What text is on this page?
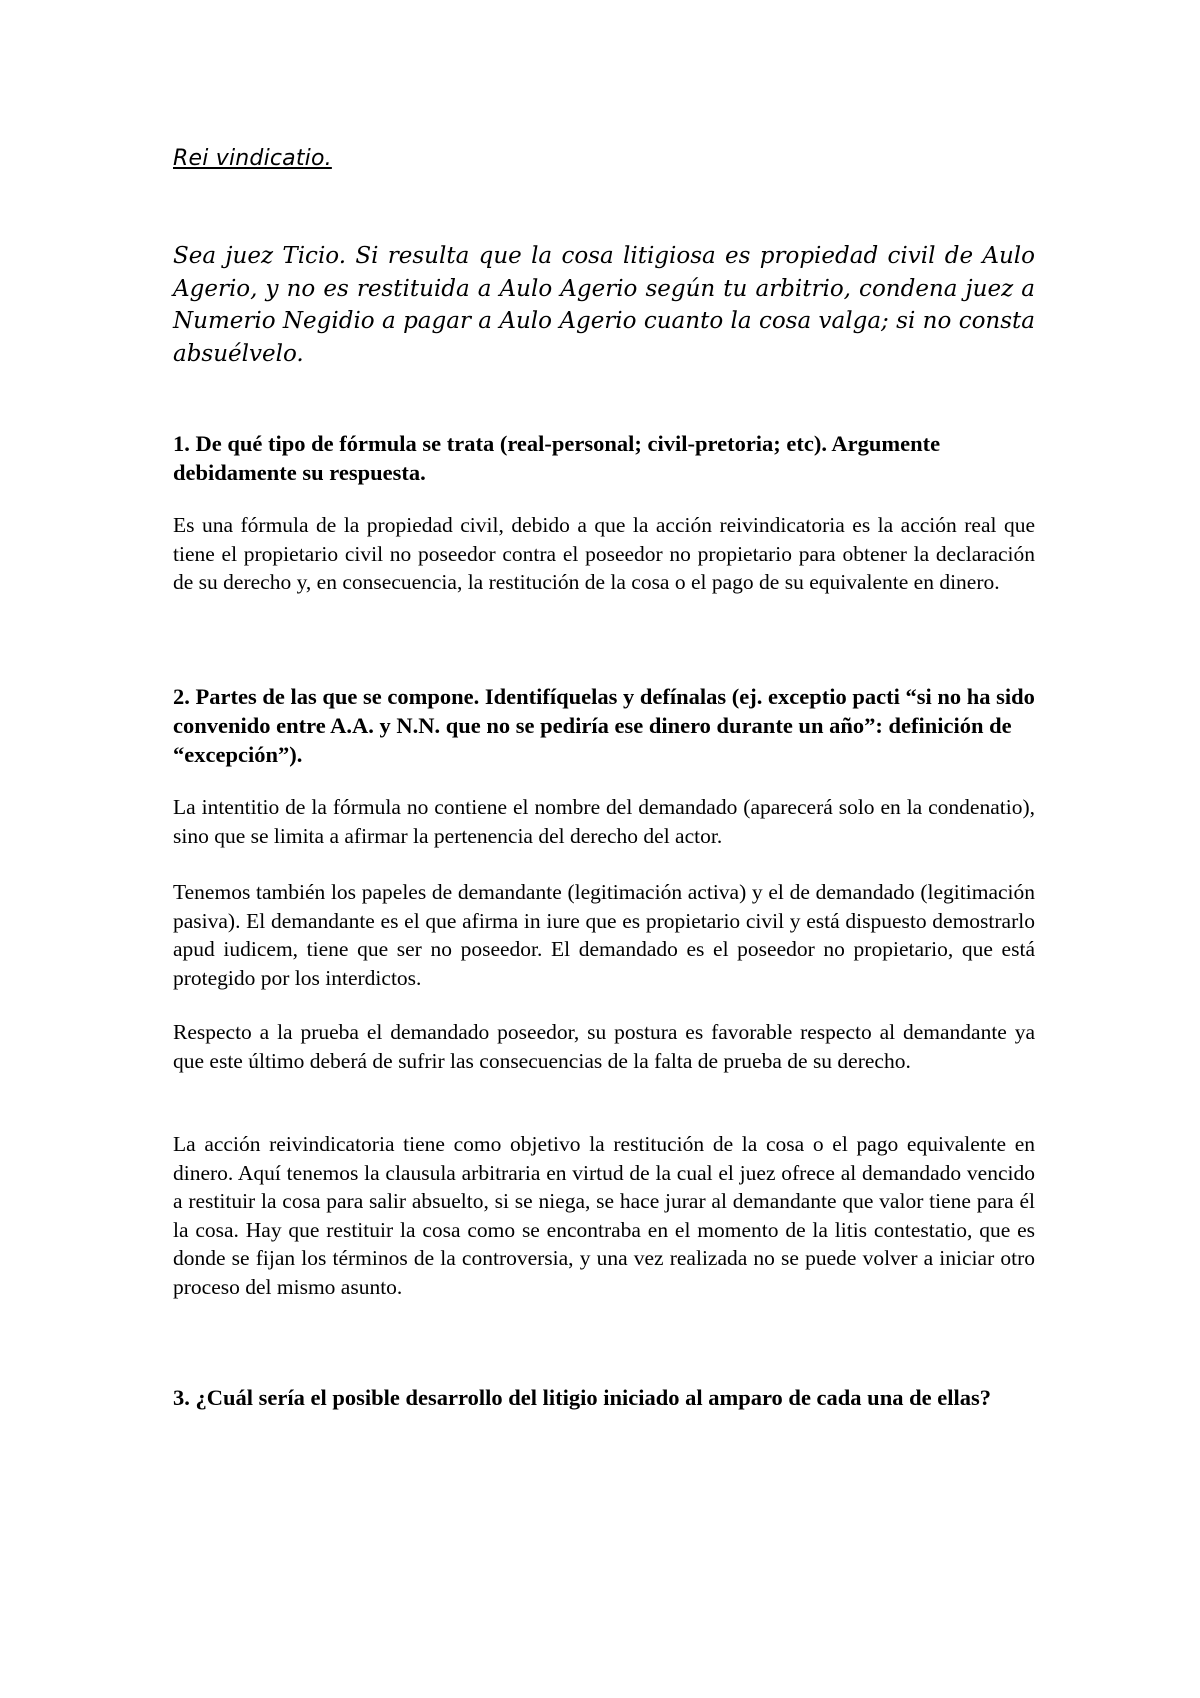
Rei vindicatio.

Sea juez Ticio. Si resulta que la cosa litigiosa es propiedad civil de Aulo Agerio, y no es restituida a Aulo Agerio según tu arbitrio, condena juez a Numerio Negidio a pagar a Aulo Agerio cuanto la cosa valga; si no consta absuélvelo.

1. De qué tipo de fórmula se trata (real-personal; civil-pretoria; etc). Argumente debidamente su respuesta.

Es una fórmula de la propiedad civil, debido a que la acción reivindicatoria es la acción real que tiene el propietario civil no poseedor contra el poseedor no propietario para obtener la declaración de su derecho y, en consecuencia, la restitución de la cosa o el pago de su equivalente en dinero.

2. Partes de las que se compone. Identifíquelas y defínalas (ej. exceptio pacti “si no ha sido convenido entre A.A. y N.N. que no se pediría ese dinero durante un año”: definición de “excepción”).

La intentitio de la fórmula no contiene el nombre del demandado (aparecerá solo en la condenatio), sino que se limita a afirmar la pertenencia del derecho del actor.

Tenemos también los papeles de demandante (legitimación activa) y el de demandado (legitimación pasiva). El demandante es el que afirma in iure que es propietario civil y está dispuesto demostrarlo apud iudicem, tiene que ser no poseedor. El demandado es el poseedor no propietario, que está protegido por los interdictos.

Respecto a la prueba el demandado poseedor, su postura es favorable respecto al demandante ya que este último deberá de sufrir las consecuencias de la falta de prueba de su derecho.

La acción reivindicatoria tiene como objetivo la restitución de la cosa o el pago equivalente en dinero. Aquí tenemos la clausula arbitraria en virtud de la cual el juez ofrece al demandado vencido a restituir la cosa para salir absuelto, si se niega, se hace jurar al demandante que valor tiene para él la cosa. Hay que restituir la cosa como se encontraba en el momento de la litis contestatio, que es donde se fijan los términos de la controversia, y una vez realizada no se puede volver a iniciar otro proceso del mismo asunto.

3. ¿Cuál sería el posible desarrollo del litigio iniciado al amparo de cada una de ellas?
